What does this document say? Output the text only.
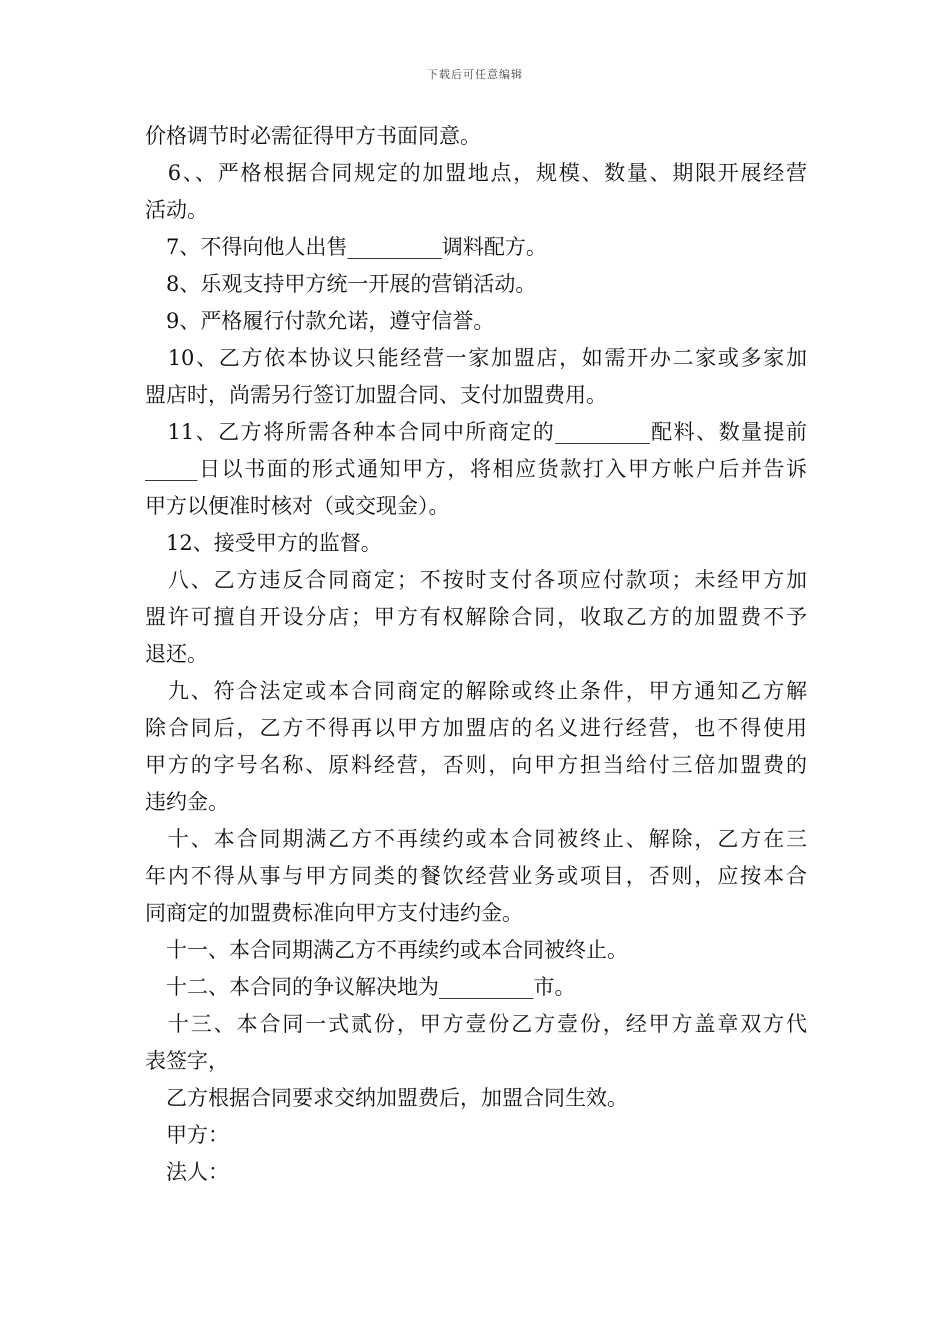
下载后可任意编辑
价格调节时必需征得甲方书面同意。
　6、、严格根据合同规定的加盟地点，规模、数量、期限开展经营
活动。
　7、不得向他人出售_________调料配方。
　8、乐观支持甲方统一开展的营销活动。
　9、严格履行付款允诺，遵守信誉。
　10、乙方依本协议只能经营一家加盟店，如需开办二家或多家加
盟店时，尚需另行签订加盟合同、支付加盟费用。
　11、乙方将所需各种本合同中所商定的_________配料、数量提前
_____日以书面的形式通知甲方，将相应货款打入甲方帐户后并告诉
甲方以便准时核对（或交现金）。
　12、接受甲方的监督。
　八、乙方违反合同商定；不按时支付各项应付款项；未经甲方加
盟许可擅自开设分店；甲方有权解除合同，收取乙方的加盟费不予
退还。
　九、符合法定或本合同商定的解除或终止条件，甲方通知乙方解
除合同后，乙方不得再以甲方加盟店的名义进行经营，也不得使用
甲方的字号名称、原料经营，否则，向甲方担当给付三倍加盟费的
违约金。
　十、本合同期满乙方不再续约或本合同被终止、解除，乙方在三
年内不得从事与甲方同类的餐饮经营业务或项目，否则，应按本合
同商定的加盟费标准向甲方支付违约金。
　十一、本合同期满乙方不再续约或本合同被终止。
　十二、本合同的争议解决地为_________市。
　十三、本合同一式贰份，甲方壹份乙方壹份，经甲方盖章双方代
表签字，
　乙方根据合同要求交纳加盟费后，加盟合同生效。
　甲方：
　法人：
